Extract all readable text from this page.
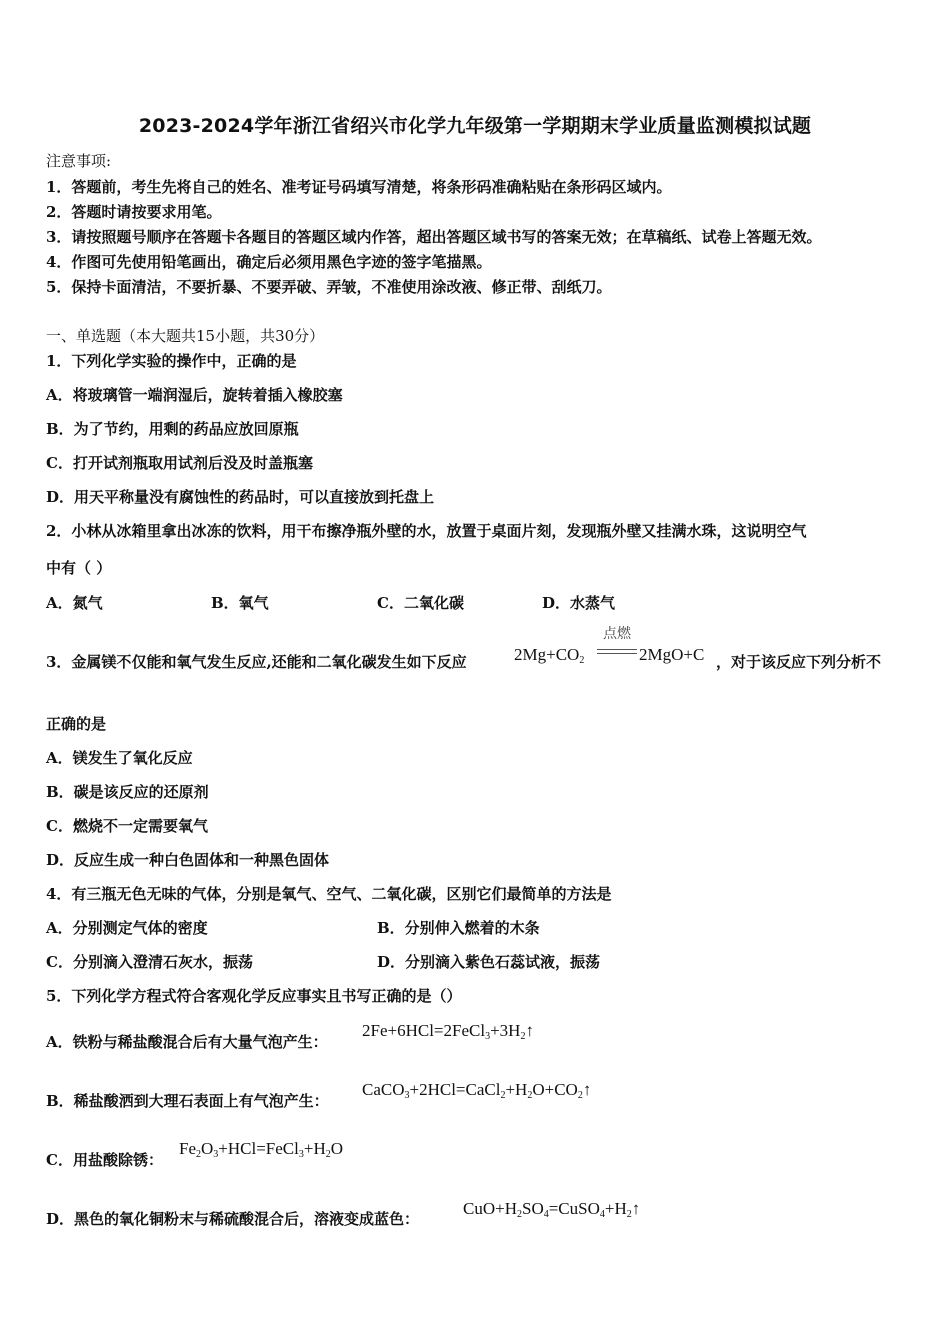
2023-2024学年浙江省绍兴市化学九年级第一学期期末学业质量监测模拟试题
注意事项:
1．答题前，考生先将自己的姓名、准考证号码填写清楚，将条形码准确粘贴在条形码区域内。
2．答题时请按要求用笔。
3．请按照题号顺序在答题卡各题目的答题区域内作答，超出答题区域书写的答案无效；在草稿纸、试卷上答题无效。
4．作图可先使用铅笔画出，确定后必须用黑色字迹的签字笔描黑。
5．保持卡面清洁，不要折暴、不要弄破、弄皱，不准使用涂改液、修正带、刮纸刀。
一、单选题（本大题共15小题，共30分）
1．下列化学实验的操作中，正确的是
A．将玻璃管一端润湿后，旋转着插入橡胶塞
B．为了节约，用剩的药品应放回原瓶
C．打开试剂瓶取用试剂后没及时盖瓶塞
D．用天平称量没有腐蚀性的药品时，可以直接放到托盘上
2．小林从冰箱里拿出冰冻的饮料，用干布擦净瓶外壁的水，放置于桌面片刻，发现瓶外壁又挂满水珠，这说明空气
中有（ ）
A．氮气	B．氧气	C．二氧化碳	D．水蒸气
3．金属镁不仅能和氧气发生反应,还能和二氧化碳发生如下反应	$2Mg+CO_2$
点燃
2MgO+C ，对于该反应下列分析不
正确的是
A．镁发生了氧化反应
B．碳是该反应的还原剂
C．燃烧不一定需要氧气
D．反应生成一种白色固体和一种黑色固体
4．有三瓶无色无味的气体，分别是氧气、空气、二氧化碳，区别它们最简单的方法是
A．分别测定气体的密度	B．分别伸入燃着的木条
C．分别滴入澄清石灰水，振荡	D．分别滴入紫色石蕊试液，振荡
5．下列化学方程式符合客观化学反应事实且书写正确的是（）
A．铁粉与稀盐酸混合后有大量气泡产生：
$2Fe+6HCl=2FeCl_3+3H_2↑$
B．稀盐酸洒到大理石表面上有气泡产生：
$CaCO_3+2HCl=CaCl_2+H_2O+CO_2↑$
C．用盐酸除锈：
$Fe_2O_3+HCl=FeCl_3+H_2O$
D．黑色的氧化铜粉末与稀硫酸混合后，溶液变成蓝色：
$CuO+H_2SO_4=CuSO_4+H_2↑$
